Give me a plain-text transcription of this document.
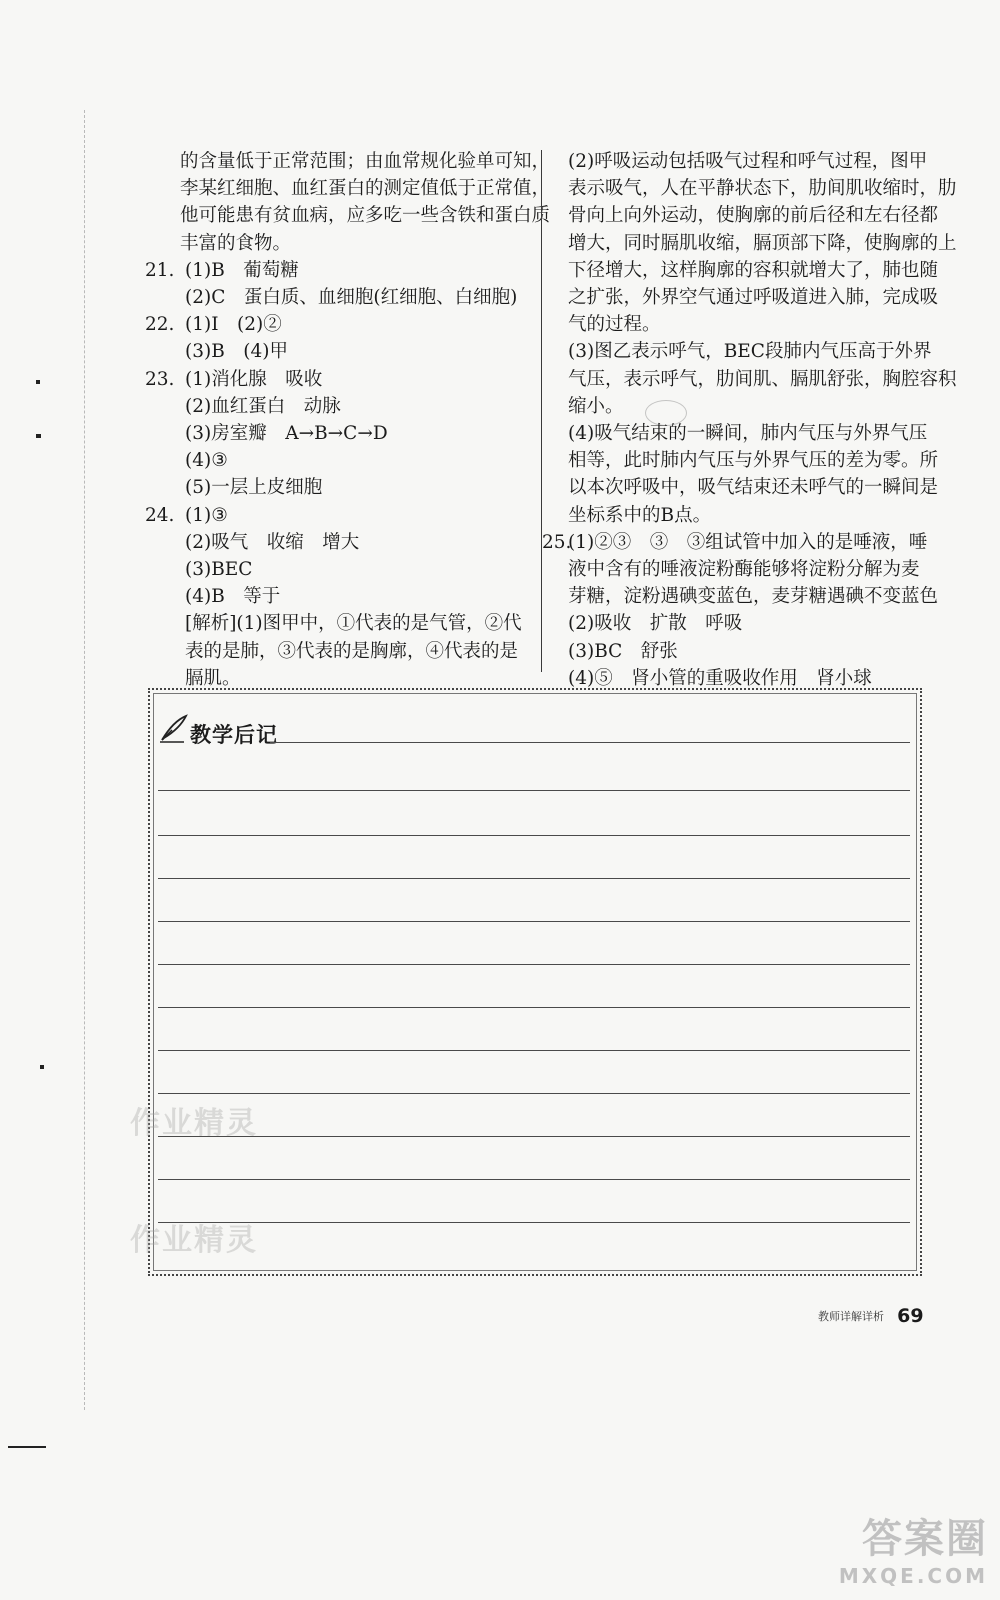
的含量低于正常范围；由血常规化验单可知，
李某红细胞、血红蛋白的测定值低于正常值，
他可能患有贫血病，应多吃一些含铁和蛋白质
丰富的食物。
21. (1)B　葡萄糖
(2)C　蛋白质、血细胞(红细胞、白细胞)
22. (1)Ⅰ　(2)②
(3)B　(4)甲
23. (1)消化腺　吸收
(2)血红蛋白　动脉
(3)房室瓣　A→B→C→D
(4)③
(5)一层上皮细胞
24. (1)③
(2)吸气　收缩　增大
(3)BEC
(4)B　等于
[解析](1)图甲中，①代表的是气管，②代
表的是肺，③代表的是胸廓，④代表的是
膈肌。
(2)呼吸运动包括吸气过程和呼气过程，图甲
表示吸气，人在平静状态下，肋间肌收缩时，肋
骨向上向外运动，使胸廓的前后径和左右径都
增大，同时膈肌收缩，膈顶部下降，使胸廓的上
下径增大，这样胸廓的容积就增大了，肺也随
之扩张，外界空气通过呼吸道进入肺，完成吸
气的过程。
(3)图乙表示呼气，BEC段肺内气压高于外界
气压，表示呼气，肋间肌、膈肌舒张，胸腔容积
缩小。
(4)吸气结束的一瞬间，肺内气压与外界气压
相等，此时肺内气压与外界气压的差为零。所
以本次呼吸中，吸气结束还未呼气的一瞬间是
坐标系中的B点。
25.(1)②③　③　③组试管中加入的是唾液，唾
液中含有的唾液淀粉酶能够将淀粉分解为麦
芽糖，淀粉遇碘变蓝色，麦芽糖遇碘不变蓝色
(2)吸收　扩散　呼吸
(3)BC　舒张
(4)⑤　肾小管的重吸收作用　肾小球
教学后记
作业精灵
作业精灵
教师详解详析 69
答案圈
MXQE.COM
